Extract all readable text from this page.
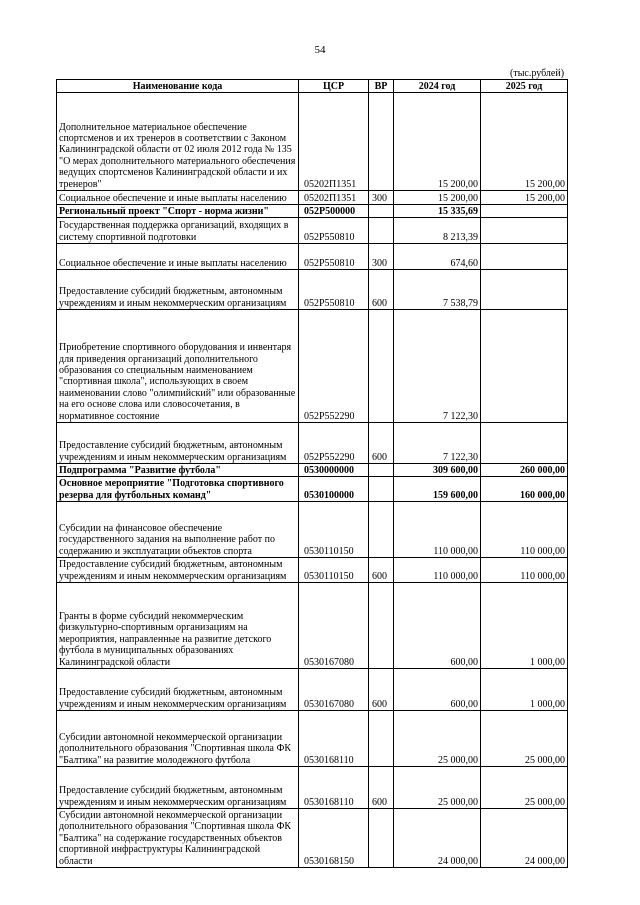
54
(тыс.рублей)
Наименование кода	ЦСР	ВР	2024 год	2025 год
Дополнительное материальное обеспечение спортсменов и их тренеров в соответствии с Законом Калининградской области от 02 июля 2012 года № 135 "О мерах дополнительного материального обеспечения ведущих спортсменов Калининградской области и их тренеров"	05202П1351		15 200,00	15 200,00
Социальное обеспечение и иные выплаты населению	05202П1351	300	15 200,00	15 200,00
Региональный проект "Спорт - норма жизни"	052P500000		15 335,69	
Государственная поддержка организаций, входящих в систему спортивной подготовки	052P550810		8 213,39	
Социальное обеспечение и иные выплаты населению	052P550810	300	674,60	
Предоставление субсидий бюджетным, автономным учреждениям и иным некоммерческим организациям	052P550810	600	7 538,79	
Приобретение спортивного оборудования и инвентаря для приведения организаций дополнительного образования со специальным наименованием "спортивная школа", использующих в своем наименовании слово "олимпийский" или образованные на его основе слова или словосочетания, в нормативное состояние	052P552290		7 122,30	
Предоставление субсидий бюджетным, автономным учреждениям и иным некоммерческим организациям	052P552290	600	7 122,30	
Подпрограмма "Развитие футбола"	0530000000		309 600,00	260 000,00
Основное мероприятие "Подготовка спортивного резерва для футбольных команд"	0530100000		159 600,00	160 000,00
Субсидии на финансовое обеспечение государственного задания на выполнение работ по содержанию и эксплуатации объектов спорта	0530110150		110 000,00	110 000,00
Предоставление субсидий бюджетным, автономным учреждениям и иным некоммерческим организациям	0530110150	600	110 000,00	110 000,00
Гранты в форме субсидий некоммерческим физкультурно-спортивным организациям на мероприятия, направленные на развитие детского футбола в муниципальных образованиях Калининградской области	0530167080		600,00	1 000,00
Предоставление субсидий бюджетным, автономным учреждениям и иным некоммерческим организациям	0530167080	600	600,00	1 000,00
Субсидии автономной некоммерческой организации дополнительного образования "Спортивная школа ФК "Балтика" на развитие молодежного футбола	0530168110		25 000,00	25 000,00
Предоставление субсидий бюджетным, автономным учреждениям и иным некоммерческим организациям	0530168110	600	25 000,00	25 000,00
Субсидии автономной некоммерческой организации дополнительного образования "Спортивная школа ФК "Балтика" на содержание государственных объектов спортивной инфраструктуры Калининградской области	0530168150		24 000,00	24 000,00
